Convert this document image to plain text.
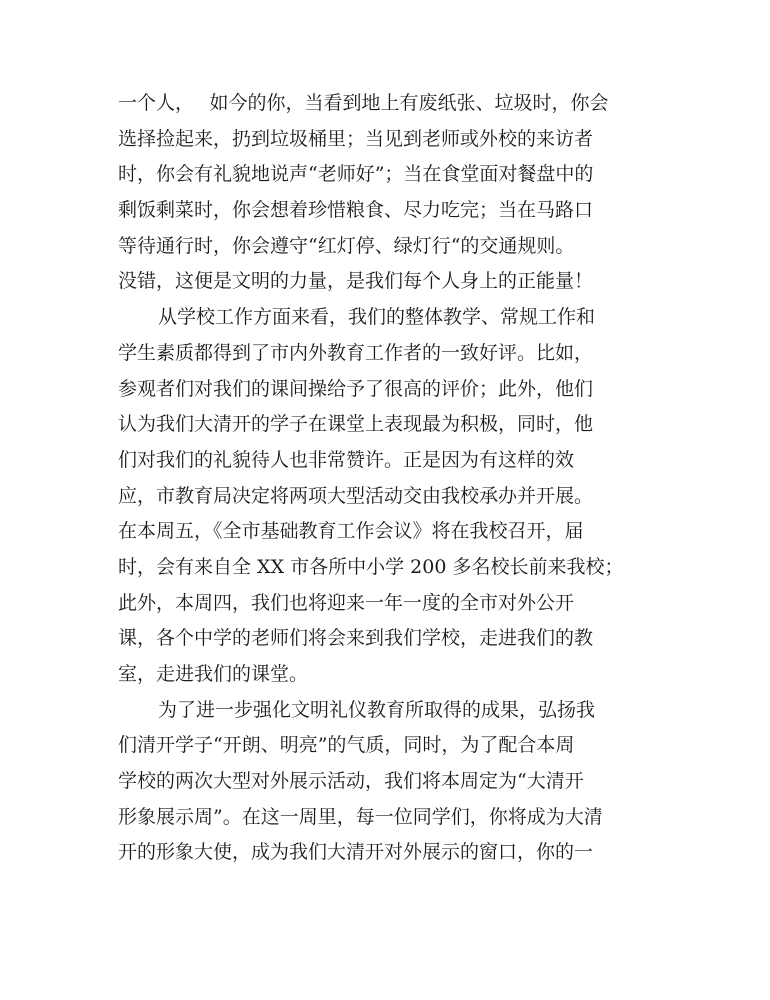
一个人，　 如今的你，当看到地上有废纸张、垃圾时，你会
选择捡起来，扔到垃圾桶里；当见到老师或外校的来访者
时，你会有礼貌地说声“老师好”；当在食堂面对餐盘中的
剩饭剩菜时，你会想着珍惜粮食、尽力吃完；当在马路口
等待通行时，你会遵守“红灯停、绿灯行“的交通规则。
没错，这便是文明的力量，是我们每个人身上的正能量！
从学校工作方面来看，我们的整体教学、常规工作和
学生素质都得到了市内外教育工作者的一致好评。比如，
参观者们对我们的课间操给予了很高的评价；此外，他们
认为我们大清开的学子在课堂上表现最为积极，同时，他
们对我们的礼貌待人也非常赞许。正是因为有这样的效
应，市教育局决定将两项大型活动交由我校承办并开展。
在本周五，《全市基础教育工作会议》将在我校召开，届
时，会有来自全 XX 市各所中小学 200 多名校长前来我校；
此外，本周四，我们也将迎来一年一度的全市对外公开
课，各个中学的老师们将会来到我们学校，走进我们的教
室，走进我们的课堂。
为了进一步强化文明礼仪教育所取得的成果，弘扬我
们清开学子“开朗、明亮”的气质，同时，为了配合本周
学校的两次大型对外展示活动，我们将本周定为“大清开
形象展示周”。在这一周里，每一位同学们，你将成为大清
开的形象大使，成为我们大清开对外展示的窗口，你的一
